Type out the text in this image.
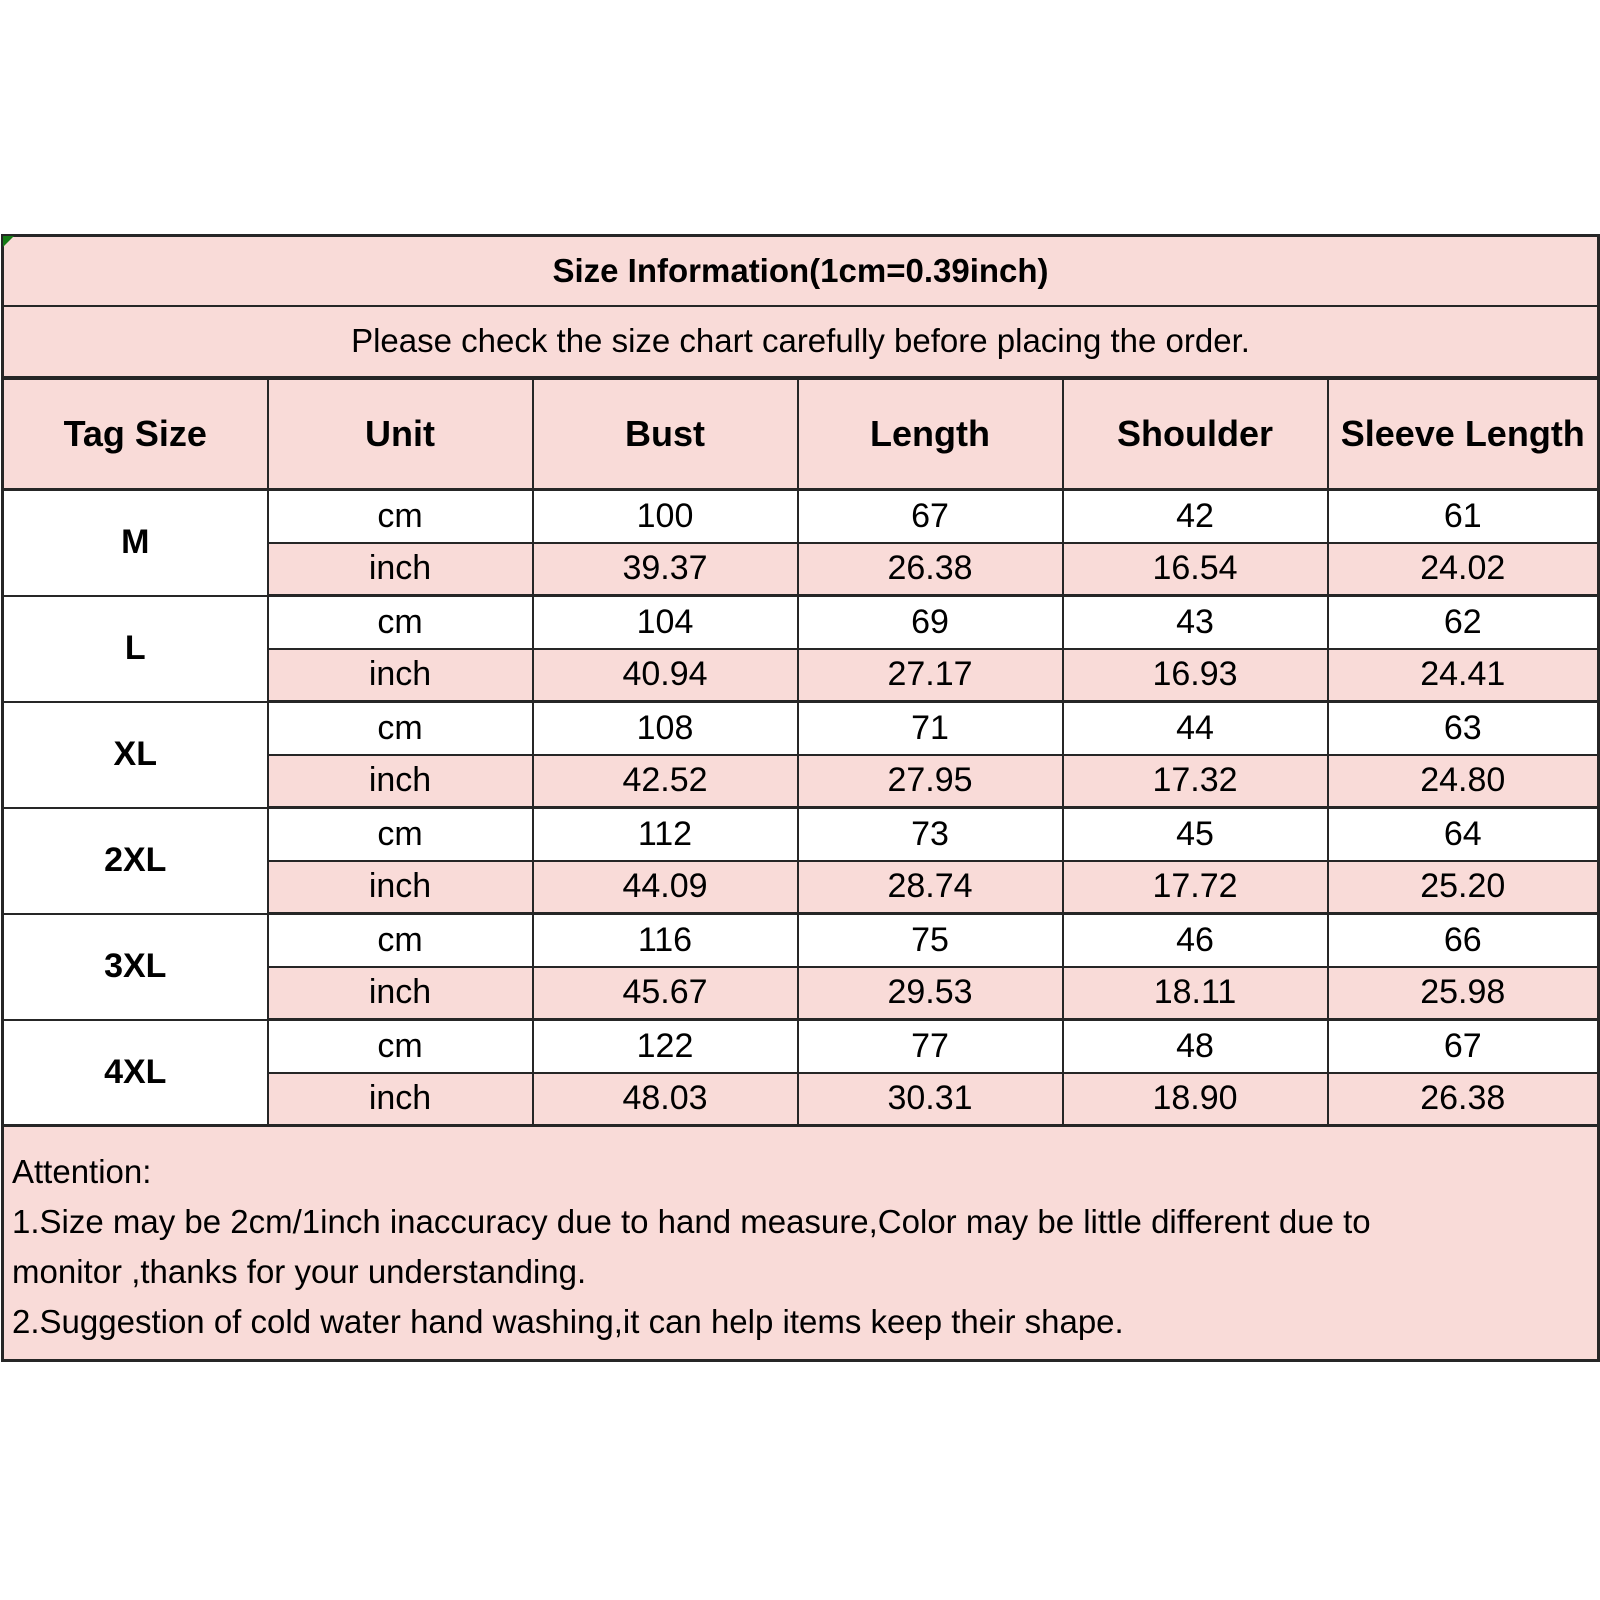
Size Information(1cm=0.39inch)					
Please check the size chart carefully before placing the order.					
Tag Size	Unit	Bust	Length	Shoulder	Sleeve Length
M	cm	100	67	42	61
	inch	39.37	26.38	16.54	24.02
L	cm	104	69	43	62
	inch	40.94	27.17	16.93	24.41
XL	cm	108	71	44	63
	inch	42.52	27.95	17.32	24.80
2XL	cm	112	73	45	64
	inch	44.09	28.74	17.72	25.20
3XL	cm	116	75	46	66
	inch	45.67	29.53	18.11	25.98
4XL	cm	122	77	48	67
	inch	48.03	30.31	18.90	26.38

Attention:
1.Size may be 2cm/1inch inaccuracy due to hand measure,Color may be little different due to
monitor ,thanks for your understanding.
2.Suggestion of cold water hand washing,it can help items keep their shape.					
